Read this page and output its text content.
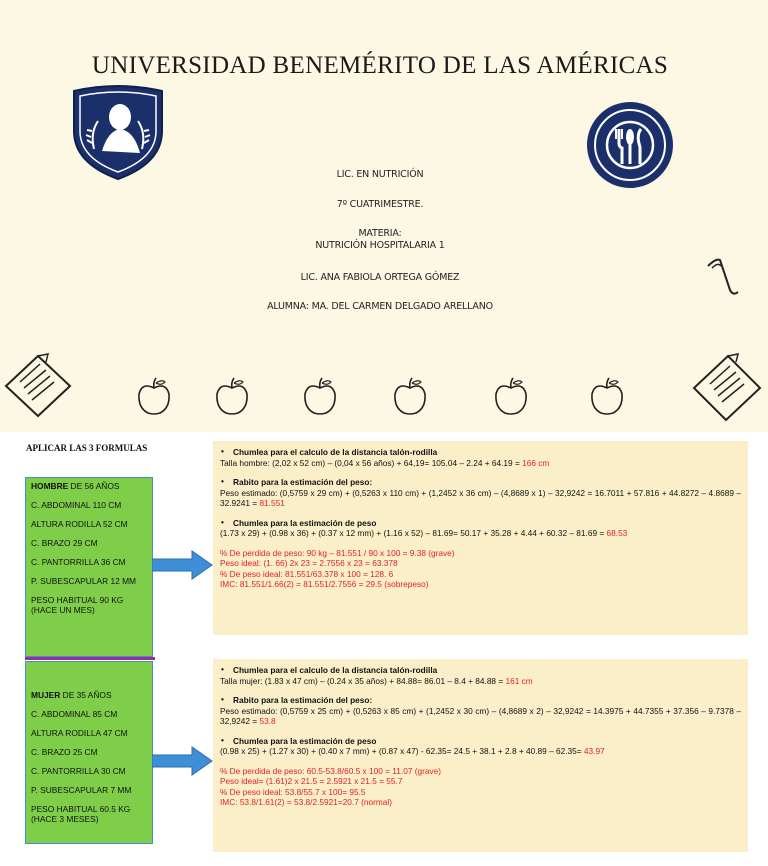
UNIVERSIDAD BENEMÉRITO DE LAS AMÉRICAS
LIC. EN NUTRICIÓN
7º CUATRIMESTRE.
MATERIA:
NUTRICIÓN HOSPITALARIA 1
LIC. ANA FABIOLA ORTEGA GÓMEZ
ALUMNA: MA. DEL CARMEN DELGADO ARELLANO
APLICAR LAS 3 FORMULAS
HOMBRE DE 56 AÑOS
C. ABDOMINAL 110 CM
ALTURA RODILLA 52 CM
C. BRAZO 29 CM
C. PANTORRILLA 36 CM
P. SUBESCAPULAR 12 MM
PESO HABITUAL 90 KG (HACE UN MES)
MUJER DE 35 AÑOS
C. ABDOMINAL 85 CM
ALTURA RODILLA 47 CM
C. BRAZO 25 CM
C. PANTORRILLA 30 CM
P. SUBESCAPULAR 7 MM
PESO HABITUAL 60.5 KG (HACE 3 MESES)
• Chumlea para el calculo de la distancia talón-rodilla
Talla hombre: (2,02 x 52 cm) – (0,04 x 56 años) + 64,19= 105.04 – 2.24 + 64.19 = 166 cm
• Rabito para la estimación del peso:
Peso estimado: (0,5759 x 29 cm) + (0,5263 x 110 cm) + (1,2452 x 36 cm) – (4,8689 x 1) – 32,9242 = 16.7011 + 57.816 + 44.8272 – 4.8689 – 32.9241 = 81.551
• Chumlea para la estimación de peso
(1.73 x 29) + (0.98 x 36) + (0.37 x 12 mm) + (1.16 x 52) – 81.69= 50.17 + 35.28 + 4.44 + 60.32 – 81.69 = 68.53
% De perdida de peso: 90 kg – 81.551 / 90 x 100 = 9.38 (grave)
Peso ideal: (1. 66) 2x 23 = 2.7556 x 23 = 63.378
% De peso ideal: 81.551/63.378 x 100 = 128. 6
IMC: 81.551/1.66(2) = 81.551/2.7556 = 29.5 (sobrepeso)
• Chumlea para el calculo de la distancia talón-rodilla
Talla mujer: (1.83 x 47 cm) – (0.24 x 35 años) + 84.88= 86.01 – 8.4 + 84.88 = 161 cm
• Rabito para la estimación del peso:
Peso estimado: (0,5759 x 25 cm) + (0,5263 x 85 cm) + (1,2452 x 30 cm) – (4,8689 x 2) – 32,9242 = 14.3975 + 44.7355 + 37.356 – 9.7378 – 32,9242 = 53.8
• Chumlea para la estimación de peso
(0.98 x 25) + (1.27 x 30) + (0.40 x 7 mm) + (0.87 x 47) - 62.35= 24.5 + 38.1 + 2.8 + 40.89 – 62.35= 43.97
% De perdida de peso: 60.5-53.8/60.5 x 100 = 11.07 (grave)
Peso ideal= (1.61)2 x 21.5 = 2.5921 x 21.5 = 55.7
% De peso ideal: 53.8/55.7 x 100= 95.5
IMC: 53.8/1.61(2) = 53.8/2.5921=20.7 (normal)
